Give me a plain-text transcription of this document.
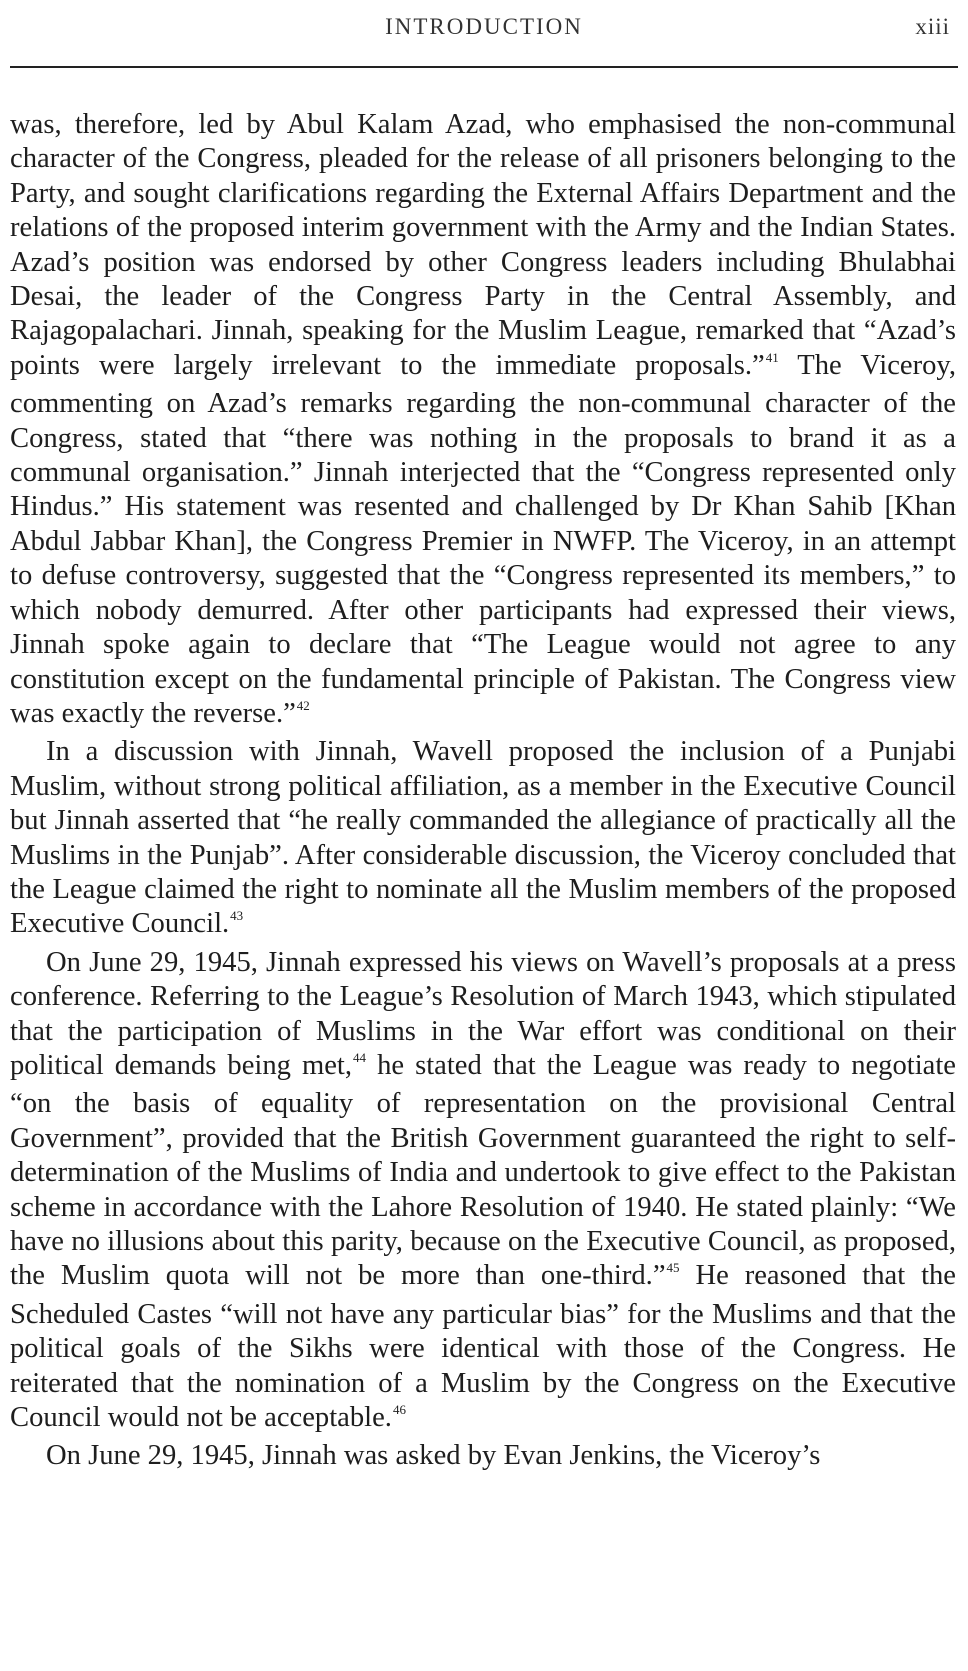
INTRODUCTION	xiii

was, therefore, led by Abul Kalam Azad, who emphasised the non-communal character of the Congress, pleaded for the release of all prisoners belonging to the Party, and sought clarifications regarding the External Affairs Department and the relations of the proposed interim government with the Army and the Indian States. Azad’s position was endorsed by other Congress leaders including Bhulabhai Desai, the leader of the Congress Party in the Central Assembly, and Rajagopalachari. Jinnah, speaking for the Muslim League, remarked that “Azad’s points were largely irrelevant to the immediate proposals.”$^{41}$ The Viceroy, commenting on Azad’s remarks regarding the non-communal character of the Congress, stated that “there was nothing in the proposals to brand it as a communal organisation.” Jinnah interjected that the “Congress represented only Hindus.” His statement was resented and challenged by Dr Khan Sahib [Khan Abdul Jabbar Khan], the Congress Premier in NWFP. The Viceroy, in an attempt to defuse controversy, suggested that the “Congress represented its members,” to which nobody demurred. After other participants had expressed their views, Jinnah spoke again to declare that “The League would not agree to any constitution except on the fundamental principle of Pakistan. The Congress view was exactly the reverse.”$^{42}$

In a discussion with Jinnah, Wavell proposed the inclusion of a Punjabi Muslim, without strong political affiliation, as a member in the Executive Council but Jinnah asserted that “he really commanded the allegiance of practically all the Muslims in the Punjab”. After considerable discussion, the Viceroy concluded that the League claimed the right to nominate all the Muslim members of the proposed Executive Council.$^{43}$

On June 29, 1945, Jinnah expressed his views on Wavell’s proposals at a press conference. Referring to the League’s Resolution of March 1943, which stipulated that the participation of Muslims in the War effort was conditional on their political demands being met,$^{44}$ he stated that the League was ready to negotiate “on the basis of equality of representation on the provisional Central Government”, provided that the British Government guaranteed the right to self-determination of the Muslims of India and undertook to give effect to the Pakistan scheme in accordance with the Lahore Resolution of 1940. He stated plainly: “We have no illusions about this parity, because on the Executive Council, as proposed, the Muslim quota will not be more than one-third.”$^{45}$ He reasoned that the Scheduled Castes “will not have any particular bias” for the Muslims and that the political goals of the Sikhs were identical with those of the Congress. He reiterated that the nomination of a Muslim by the Congress on the Executive Council would not be acceptable.$^{46}$

On June 29, 1945, Jinnah was asked by Evan Jenkins, the Viceroy’s
